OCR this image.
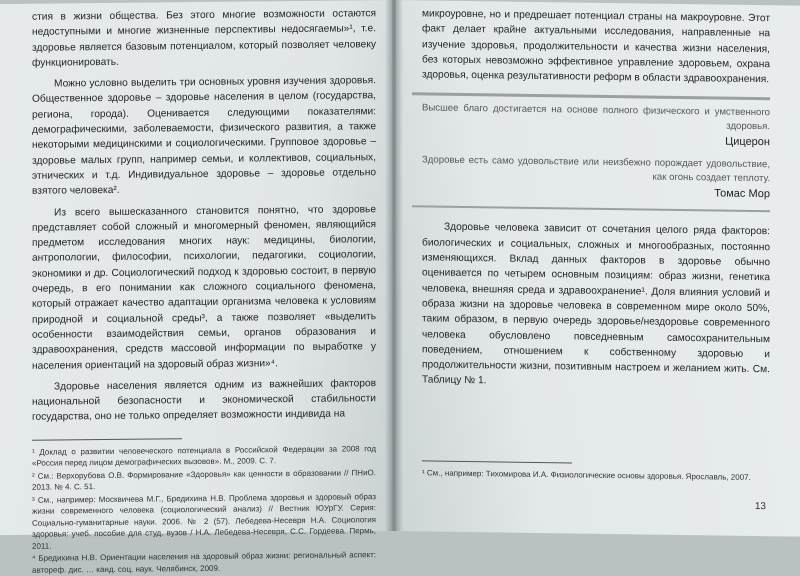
стия в жизни общества. Без этого многие возможности остаются недоступными и многие жизненные перспективы недосягаемы»¹, т.е. здоровье является базовым потенциалом, который позволяет человеку функционировать.

Можно условно выделить три основных уровня изучения здоровья. Общественное здоровье – здоровье населения в целом (государства, региона, города). Оценивается следующими показателями: демографическими, заболеваемости, физического развития, а также некоторыми медицинскими и социологическими. Групповое здоровье – здоровье малых групп, например семьи, и коллективов, социальных, этнических и т.д. Индивидуальное здоровье – здоровье отдельно взятого человека².

Из всего вышесказанного становится понятно, что здоровье представляет собой сложный и многомерный феномен, являющийся предметом исследования многих наук: медицины, биологии, антропологии, философии, психологии, педагогики, социологии, экономики и др. Социологический подход к здоровью состоит, в первую очередь, в его понимании как сложного социального феномена, который отражает качество адаптации организма человека к условиям природной и социальной среды³, а также позволяет «выделить особенности взаимодействия семьи, органов образования и здравоохранения, средств массовой информации по выработке у населения ориентаций на здоровый образ жизни»⁴.

Здоровье населения является одним из важнейших факторов национальной безопасности и экономической стабильности государства, оно не только определяет возможности индивида на

¹ Доклад о развитии человеческого потенциала в Российской Федерации за 2008 год «Россия перед лицом демографических вызовов». М., 2009. С. 7.

² См.: Верхорубова О.В. Формирование «Здоровья» как ценности в образовании // ПНиО. 2013. № 4. С. 51.

³ См., например: Москвичева М.Г., Бредихина Н.В. Проблема здоровья и здоровый образ жизни современного человека (социологический анализ) // Вестник ЮУрГУ. Серия: Социально-гуманитарные науки. 2006. № 2 (57). Лебедева-Несевря Н.А. Социология здоровья: учеб. пособие для студ. вузов / Н.А. Лебедева-Несевря, С.С. Гордеева. Пермь, 2011.

⁴ Бредихина Н.В. Ориентации населения на здоровый образ жизни: региональный аспект: автореф. дис. … канд. соц. наук. Челябинск, 2009.

микроуровне, но и предрешает потенциал страны на макроуровне. Этот факт делает крайне актуальными исследования, направленные на изучение здоровья, продолжительности и качества жизни населения, без которых невозможно эффективное управление здоровьем, охрана здоровья, оценка результативности реформ в области здравоохранения.

Высшее благо достигается на основе полного физического и умственного здоровья.

Цицерон

Здоровье есть само удовольствие или неизбежно порождает удовольствие, как огонь создает теплоту.

Томас Мор

Здоровье человека зависит от сочетания целого ряда факторов: биологических и социальных, сложных и многообразных, постоянно изменяющихся. Вклад данных факторов в здоровье обычно оценивается по четырем основным позициям: образ жизни, генетика человека, внешняя среда и здравоохранение¹. Доля влияния условий и образа жизни на здоровье человека в современном мире около 50%, таким образом, в первую очередь здоровье/нездоровье современного человека обусловлено повседневным самосохранительным поведением, отношением к собственному здоровью и продолжительности жизни, позитивным настроем и желанием жить. См. Таблицу № 1.

¹ См., например: Тихомирова И.А. Физиологические основы здоровья. Ярославль, 2007.

13
